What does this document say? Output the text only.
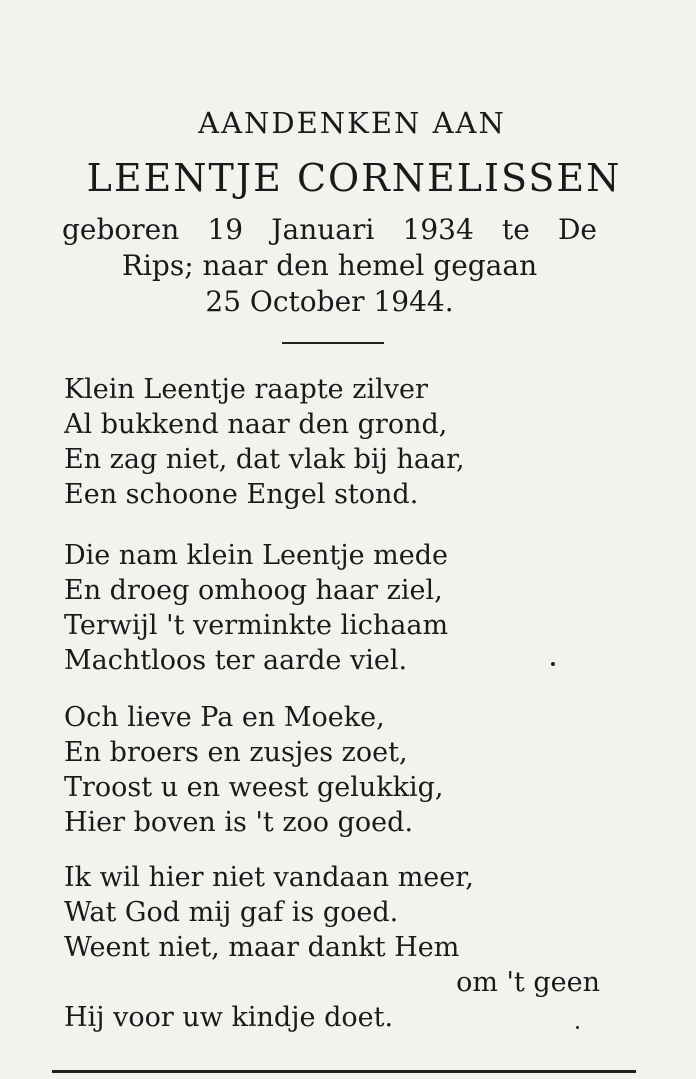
AANDENKEN AAN
LEENTJE CORNELISSEN
geboren 19 Januari 1934 te De
Rips; naar den hemel gegaan
25 October 1944.
Klein Leentje raapte zilver
Al bukkend naar den grond,
En zag niet, dat vlak bij haar,
Een schoone Engel stond.
Die nam klein Leentje mede
En droeg omhoog haar ziel,
Terwijl 't verminkte lichaam
Machtloos ter aarde viel.
Och lieve Pa en Moeke,
En broers en zusjes zoet,
Troost u en weest gelukkig,
Hier boven is 't zoo goed.
Ik wil hier niet vandaan meer,
Wat God mij gaf is goed.
Weent niet, maar dankt Hem
om 't geen
Hij voor uw kindje doet.
